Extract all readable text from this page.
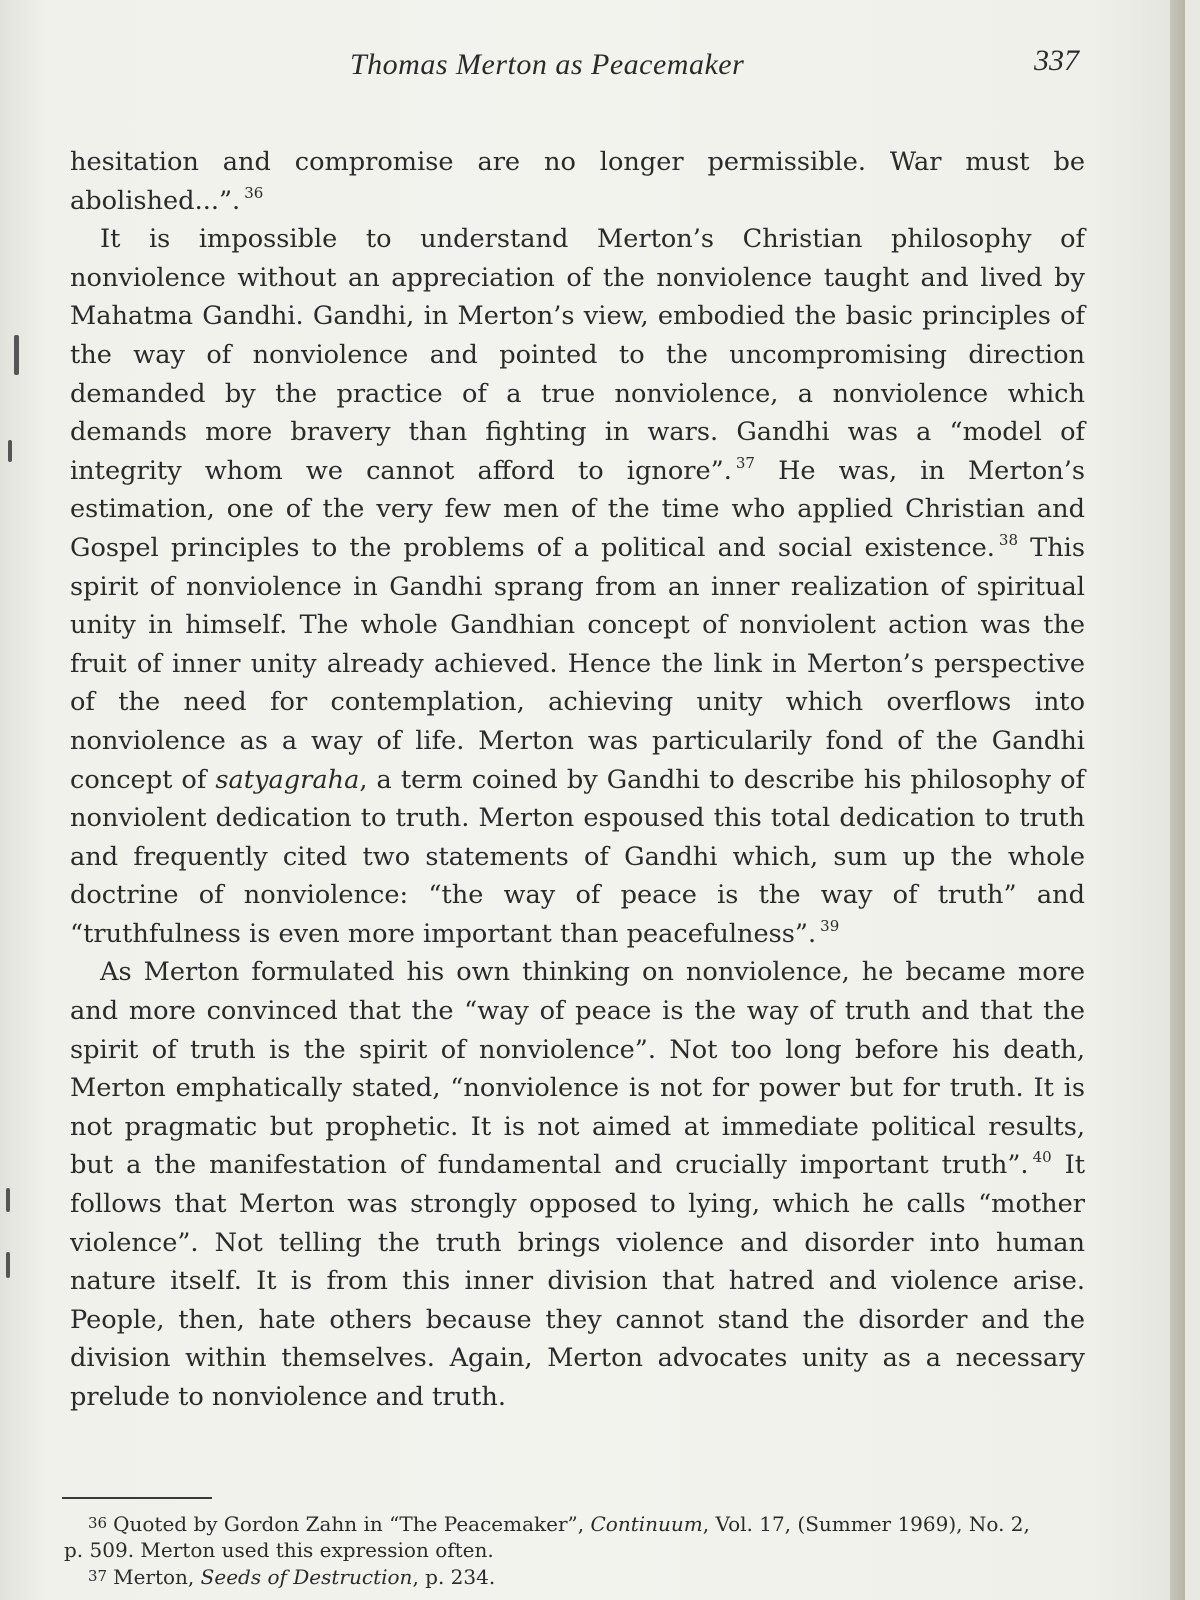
Thomas Merton as Peacemaker	337

hesitation and compromise are no longer permissible. War must be abolished...”. $^{36}$

It is impossible to understand Merton’s Christian philosophy of nonviolence without an appreciation of the nonviolence taught and lived by Mahatma Gandhi. Gandhi, in Merton’s view, embodied the basic principles of the way of nonviolence and pointed to the uncompromising direction demanded by the practice of a true nonviolence, a nonviolence which demands more bravery than fighting in wars. Gandhi was a “model of integrity whom we cannot afford to ignore”. $^{37}$ He was, in Merton’s estimation, one of the very few men of the time who applied Christian and Gospel principles to the problems of a political and social existence. $^{38}$ This spirit of nonviolence in Gandhi sprang from an inner realization of spiritual unity in himself. The whole Gandhian concept of nonviolent action was the fruit of inner unity already achieved. Hence the link in Merton’s perspective of the need for contemplation, achieving unity which overflows into nonviolence as a way of life. Merton was particularily fond of the Gandhi concept of satyagraha, a term coined by Gandhi to describe his philosophy of nonviolent dedication to truth. Merton espoused this total dedication to truth and frequently cited two statements of Gandhi which, sum up the whole doctrine of nonviolence: “the way of peace is the way of truth” and “truthfulness is even more important than peacefulness”. $^{39}$

As Merton formulated his own thinking on nonviolence, he became more and more convinced that the “way of peace is the way of truth and that the spirit of truth is the spirit of nonviolence”. Not too long before his death, Merton emphatically stated, “nonviolence is not for power but for truth. It is not pragmatic but prophetic. It is not aimed at immediate political results, but a the manifestation of fundamental and crucially important truth”. $^{40}$ It follows that Merton was strongly opposed to lying, which he calls “mother violence”. Not telling the truth brings violence and disorder into human nature itself. It is from this inner division that hatred and violence arise. People, then, hate others because they cannot stand the disorder and the division within themselves. Again, Merton advocates unity as a necessary prelude to nonviolence and truth.

36 Quoted by Gordon Zahn in “The Peacemaker”, Continuum, Vol. 17, (Summer 1969), No. 2, p. 509. Merton used this expression often.

37 Merton, Seeds of Destruction, p. 234.
